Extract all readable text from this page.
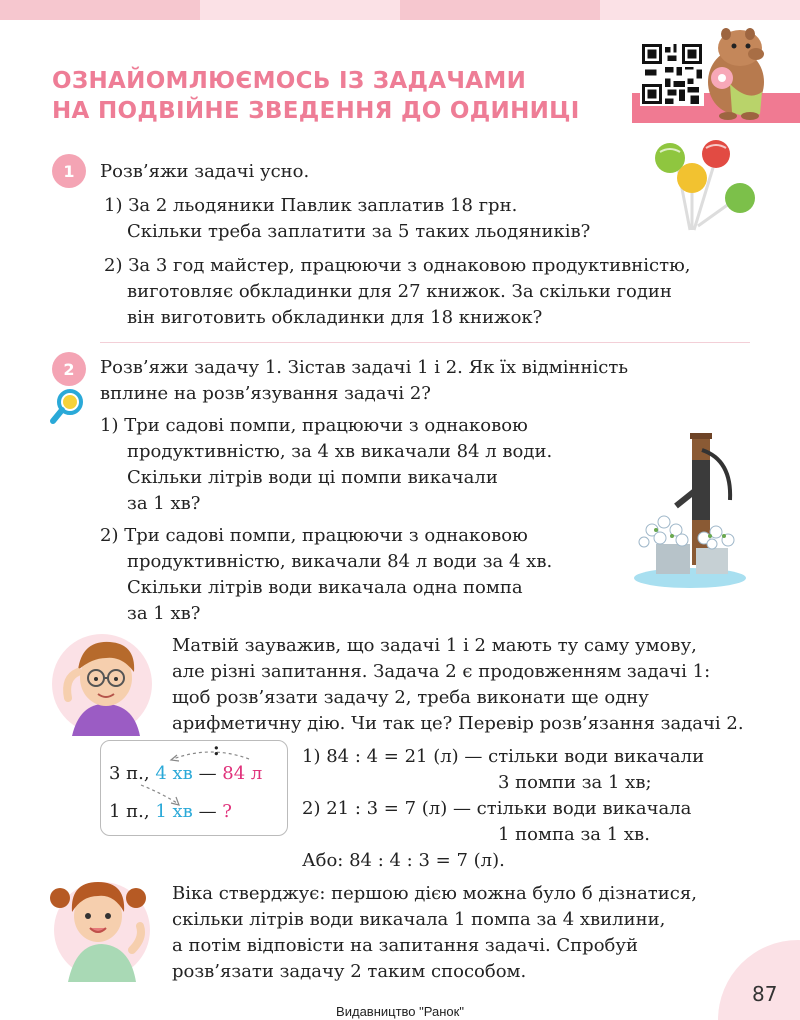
ОЗНАЙОМЛЮЄМОСЬ ІЗ ЗАДАЧАМИ
НА ПОДВІЙНЕ ЗВЕДЕННЯ ДО ОДИНИЦІ
1	Розв’яжи задачі усно.
1) За 2 льодяники Павлик заплатив 18 грн.
Скільки треба заплатити за 5 таких льодяників?
2) За 3 год майстер, працюючи з однаковою продуктивністю,
виготовляє обкладинки для 27 книжок. За скільки годин
він виготовить обкладинки для 18 книжок?
2	Розв’яжи задачу 1. Зістав задачі 1 і 2. Як їх відмінність
вплине на розв’язування задачі 2?
1) Три садові помпи, працюючи з однаковою
продуктивністю, за 4 хв викачали 84 л води.
Скільки літрів води ці помпи викачали
за 1 хв?
2) Три садові помпи, працюючи з однаковою
продуктивністю, викачали 84 л води за 4 хв.
Скільки літрів води викачала одна помпа
за 1 хв?
Матвій зауважив, що задачі 1 і 2 мають ту саму умову,
але різні запитання. Задача 2 є продовженням задачі 1:
щоб розв’язати задачу 2, треба виконати ще одну
арифметичну дію. Чи так це? Перевір розв’язання задачі 2.
:
3 п., 4 хв — 84 л
1 п., 1 хв — ?
1) 84 : 4 = 21 (л) — стільки води викачали
3 помпи за 1 хв;
2) 21 : 3 = 7 (л) — стільки води викачала
1 помпа за 1 хв.
Або: 84 : 4 : 3 = 7 (л).
Віка стверджує: першою дією можна було б дізнатися,
скільки літрів води викачала 1 помпа за 4 хвилини,
а потім відповісти на запитання задачі. Спробуй
розв’язати задачу 2 таким способом.
87
Видавництво "Ранок"
